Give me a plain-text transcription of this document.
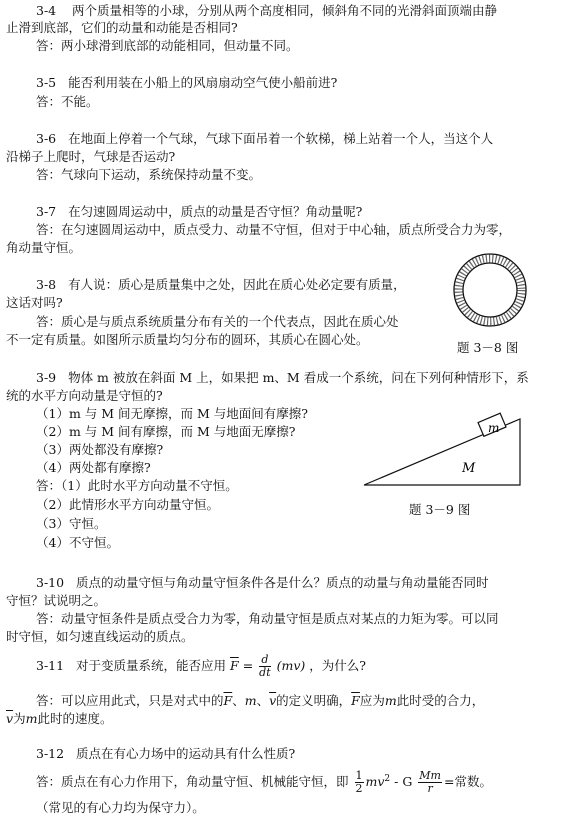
3-4 两个质量相等的小球，分别从两个高度相同，倾斜角不同的光滑斜面顶端由静
止滑到底部，它们的动量和动能是否相同?
答：两小球滑到底部的动能相同，但动量不同。
3-5 能否利用装在小船上的风扇扇动空气使小船前进?
答：不能。
3-6 在地面上停着一个气球，气球下面吊着一个软梯，梯上站着一个人，当这个人
沿梯子上爬时，气球是否运动?
答：气球向下运动，系统保持动量不变。
3-7 在匀速圆周运动中，质点的动量是否守恒？角动量呢?
答：在匀速圆周运动中，质点受力、动量不守恒，但对于中心轴，质点所受合力为零，
角动量守恒。
3-8 有人说：质心是质量集中之处，因此在质心处必定要有质量，
这话对吗?
答：质心是与质点系统质量分布有关的一个代表点，因此在质心处
不一定有质量。如图所示质量均匀分布的圆环，其质心在圆心处。
题 3－8 图
3-9 物体 m 被放在斜面 M 上，如果把 m、M 看成一个系统，问在下列何种情形下，系
统的水平方向动量是守恒的?
（1）m 与 M 间无摩擦，而 M 与地面间有摩擦?
（2）m 与 M 间有摩擦，而 M 与地面无摩擦?
（3）两处都没有摩擦?
（4）两处都有摩擦?
答：（1）此时水平方向动量不守恒。
（2）此情形水平方向动量守恒。
（3）守恒。
（4）不守恒。
m
M
题 3－9 图
3-10 质点的动量守恒与角动量守恒条件各是什么？质点的动量与角动量能否同时
守恒？试说明之。
答：动量守恒条件是质点受合力为零，角动量守恒是质点对某点的力矩为零。可以同
时守恒，如匀速直线运动的质点。
3-11 对于变质量系统，能否应用 $\overline{F} = \frac{d}{dt} (mv)$ ，为什么?
答：可以应用此式，只是对式中的$\overline{F}$、m、$\overline{v}$的定义明确，$\overline{F}$应为m此时受的合力，
$\overline{v}$为m此时的速度。
3-12 质点在有心力场中的运动具有什么性质?
答：质点在有心力作用下，角动量守恒、机械能守恒，即 $\frac{1}{2} mv^2$ - G $\frac{Mm}{r}$ =常数。
（常见的有心力均为保守力）。
